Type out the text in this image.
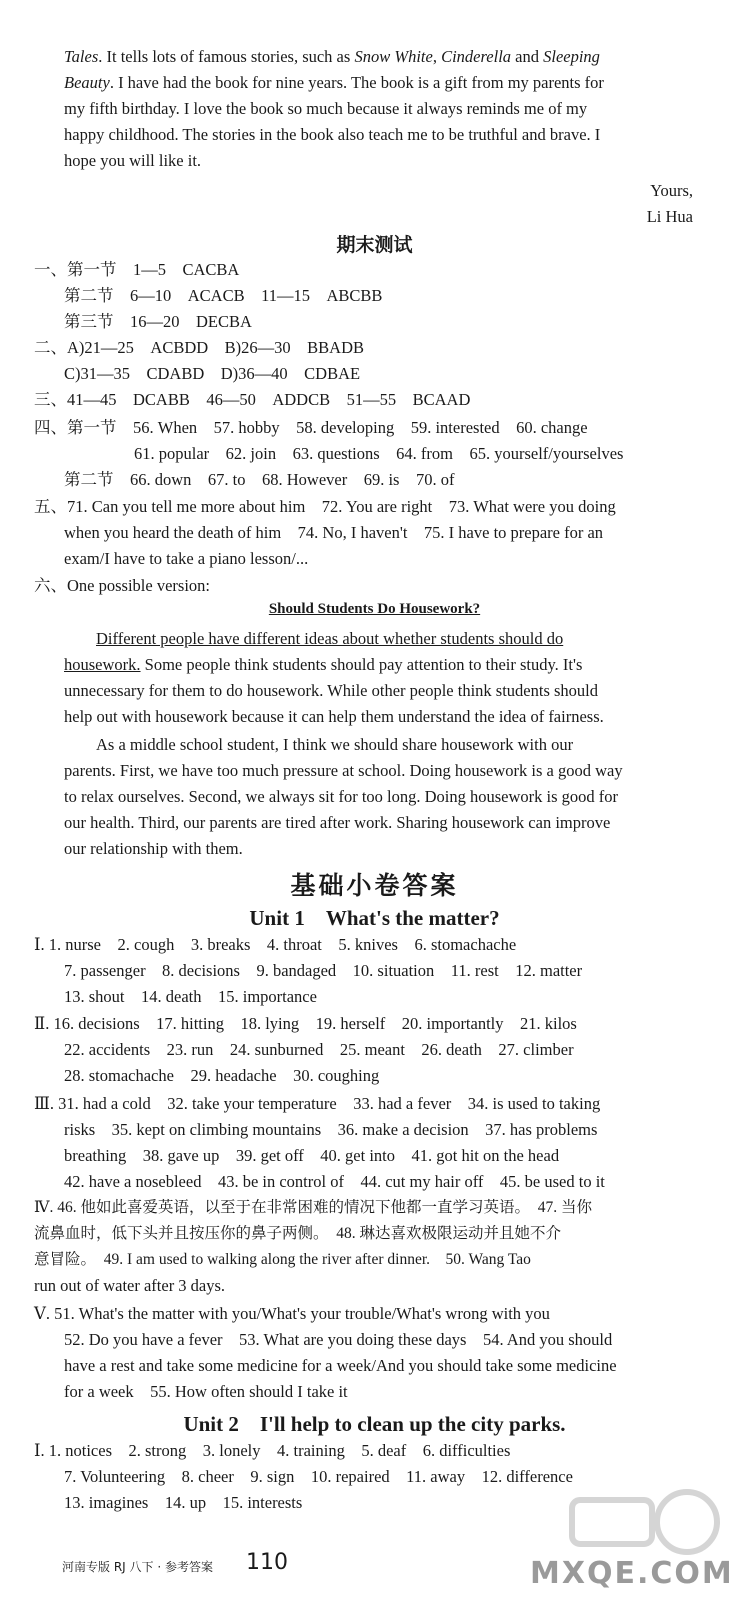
Tales. It tells lots of famous stories, such as Snow White, Cinderella and Sleeping
Beauty. I have had the book for nine years. The book is a gift from my parents for
my fifth birthday. I love the book so much because it always reminds me of my
happy childhood. The stories in the book also teach me to be truthful and brave. I
hope you will like it.
Yours,
Li Hua
期末测试
一、第一节　1—5　CACBA
第二节　6—10　ACACB　11—15　ABCBB
第三节　16—20　DECBA
二、A)21—25　ACBDD　B)26—30　BBADB
C)31—35　CDABD　D)36—40　CDBAE
三、41—45　DCABB　46—50　ADDCB　51—55　BCAAD
四、第一节　56. When　57. hobby　58. developing　59. interested　60. change
61. popular　62. join　63. questions　64. from　65. yourself/yourselves
第二节　66. down　67. to　68. However　69. is　70. of
五、71. Can you tell me more about him　72. You are right　73. What were you doing
when you heard the death of him　74. No, I haven't　75. I have to prepare for an
exam/I have to take a piano lesson/...
六、One possible version:
Should Students Do Housework?
Different people have different ideas about whether students should do
housework. Some people think students should pay attention to their study. It's
unnecessary for them to do housework. While other people think students should
help out with housework because it can help them understand the idea of fairness.
As a middle school student, I think we should share housework with our
parents. First, we have too much pressure at school. Doing housework is a good way
to relax ourselves. Second, we always sit for too long. Doing housework is good for
our health. Third, our parents are tired after work. Sharing housework can improve
our relationship with them.
基础小卷答案
Unit 1　What's the matter?
Ⅰ. 1. nurse　2. cough　3. breaks　4. throat　5. knives　6. stomachache
7. passenger　8. decisions　9. bandaged　10. situation　11. rest　12. matter
13. shout　14. death　15. importance
Ⅱ. 16. decisions　17. hitting　18. lying　19. herself　20. importantly　21. kilos
22. accidents　23. run　24. sunburned　25. meant　26. death　27. climber
28. stomachache　29. headache　30. coughing
Ⅲ. 31. had a cold　32. take your temperature　33. had a fever　34. is used to taking
risks　35. kept on climbing mountains　36. make a decision　37. has problems
breathing　38. gave up　39. get off　40. get into　41. got hit on the head
42. have a nosebleed　43. be in control of　44. cut my hair off　45. be used to it
Ⅳ. 46. 他如此喜爱英语，以至于在非常困难的情况下他都一直学习英语。　47. 当你
流鼻血时，低下头并且按压你的鼻子两侧。　48. 琳达喜欢极限运动并且她不介
意冒险。　49. I am used to walking along the river after dinner.　50. Wang Tao
run out of water after 3 days.
Ⅴ. 51. What's the matter with you/What's your trouble/What's wrong with you
52. Do you have a fever　53. What are you doing these days　54. And you should
have a rest and take some medicine for a week/And you should take some medicine
for a week　55. How often should I take it
Unit 2　I'll help to clean up the city parks.
Ⅰ. 1. notices　2. strong　3. lonely　4. training　5. deaf　6. difficulties
7. Volunteering　8. cheer　9. sign　10. repaired　11. away　12. difference
13. imagines　14. up　15. interests
河南专版 RJ 八下 · 参考答案 110	MXQE.COM
